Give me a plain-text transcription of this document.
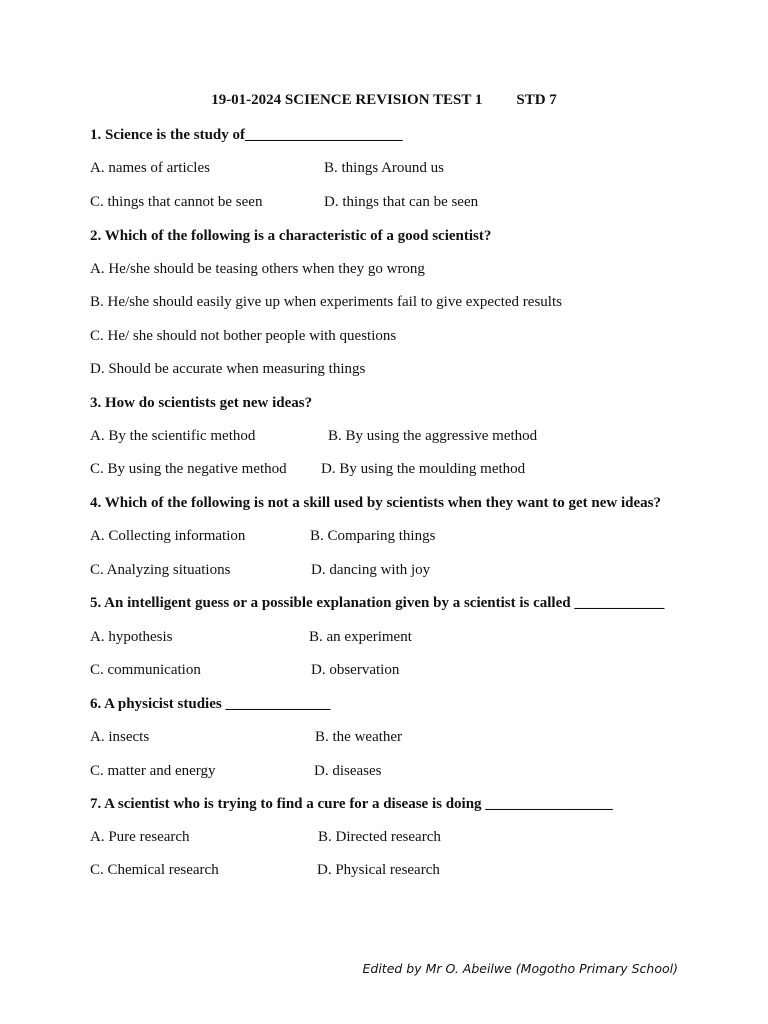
19-01-2024 SCIENCE REVISION TEST 1 STD 7
1. Science is the study of_____________________
A. names of articles	B. things Around us
C. things that cannot be seen	D. things that can be seen
2. Which of the following is a characteristic of a good scientist?
A. He/she should be teasing others when they go wrong
B. He/she should easily give up when experiments fail to give expected results
C. He/ she should not bother people with questions
D. Should be accurate when measuring things
3. How do scientists get new ideas?
A. By the scientific method	B. By using the aggressive method
C. By using the negative method D. By using the moulding method
4. Which of the following is not a skill used by scientists when they want to get new ideas?
A. Collecting information	B. Comparing things
C. Analyzing situations	D. dancing with joy
5. An intelligent guess or a possible explanation given by a scientist is called ____________
A. hypothesis	B. an experiment
C. communication	D. observation
6. A physicist studies ______________
A. insects	B. the weather
C. matter and energy	D. diseases
7. A scientist who is trying to find a cure for a disease is doing _________________
A. Pure research	B. Directed research
C. Chemical research	D. Physical research
Edited by Mr O. Abeilwe (Mogotho Primary School)
